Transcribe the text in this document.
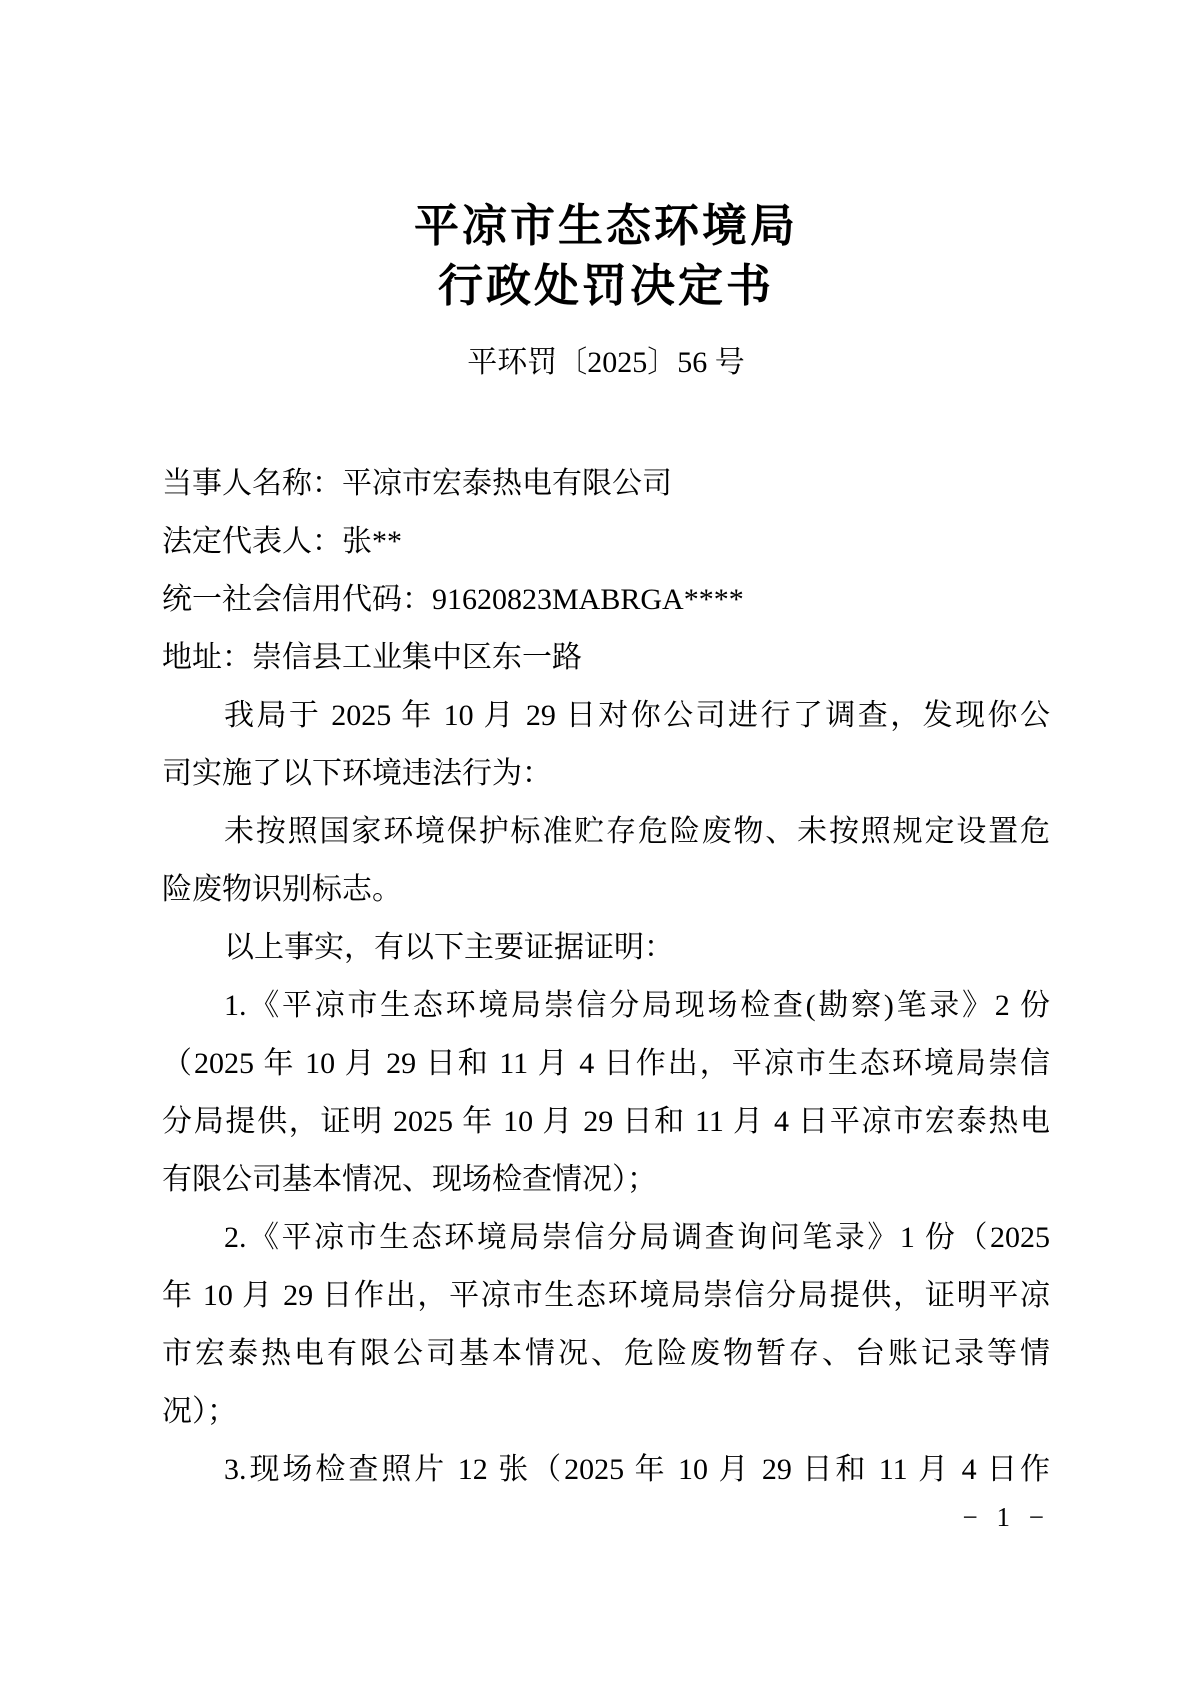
平凉市生态环境局
行政处罚决定书
平环罚〔2025〕56 号
当事人名称：平凉市宏泰热电有限公司
法定代表人：张**
统一社会信用代码：91620823MABRGA****
地址：崇信县工业集中区东一路
我局于 2025 年 10 月 29 日对你公司进行了调查，发现你公
司实施了以下环境违法行为：
未按照国家环境保护标准贮存危险废物、未按照规定设置危
险废物识别标志。
以上事实，有以下主要证据证明：
1.《平凉市生态环境局崇信分局现场检查(勘察)笔录》2 份
（2025 年 10 月 29 日和 11 月 4 日作出，平凉市生态环境局崇信
分局提供，证明 2025 年 10 月 29 日和 11 月 4 日平凉市宏泰热电
有限公司基本情况、现场检查情况）；
2.《平凉市生态环境局崇信分局调查询问笔录》1 份（2025
年 10 月 29 日作出，平凉市生态环境局崇信分局提供，证明平凉
市宏泰热电有限公司基本情况、危险废物暂存、台账记录等情
况）；
3.现场检查照片 12 张（2025 年 10 月 29 日和 11 月 4 日作
− 1 −
